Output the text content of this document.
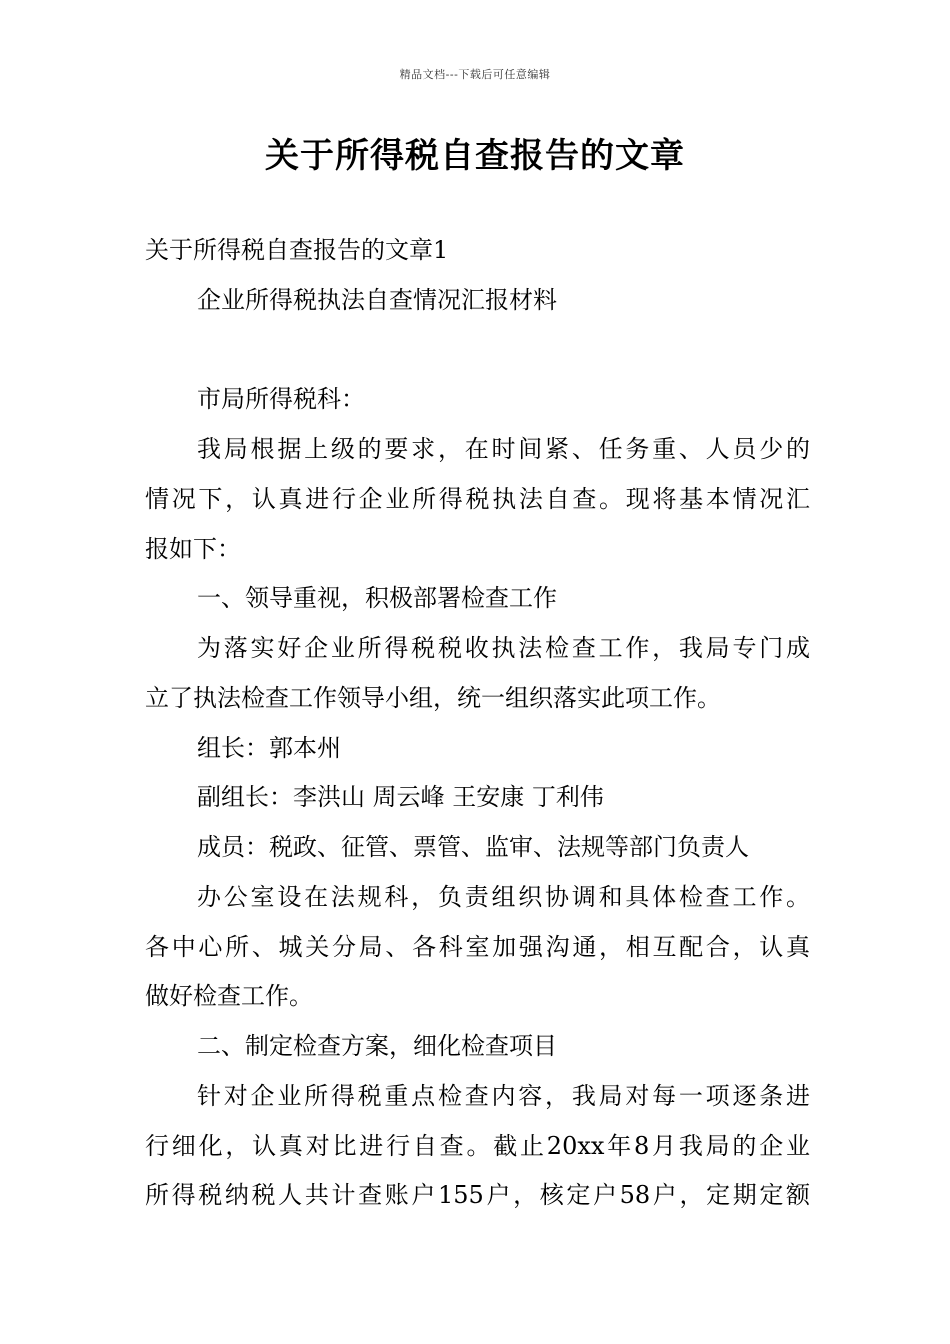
精品文档---下载后可任意编辑
关于所得税自查报告的文章
关于所得税自查报告的文章1
企业所得税执法自查情况汇报材料
市局所得税科：
我局根据上级的要求，在时间紧、任务重、人员少的
情况下，认真进行企业所得税执法自查。现将基本情况汇
报如下：
一、领导重视，积极部署检查工作
为落实好企业所得税税收执法检查工作，我局专门成
立了执法检查工作领导小组，统一组织落实此项工作。
组长：郭本州
副组长：李洪山 周云峰 王安康 丁利伟
成员：税政、征管、票管、监审、法规等部门负责人
办公室设在法规科，负责组织协调和具体检查工作。
各中心所、城关分局、各科室加强沟通，相互配合，认真
做好检查工作。
二、制定检查方案，细化检查项目
针对企业所得税重点检查内容，我局对每一项逐条进
行细化，认真对比进行自查。截止20xx年8月我局的企业
所得税纳税人共计查账户155户，核定户58户，定期定额
